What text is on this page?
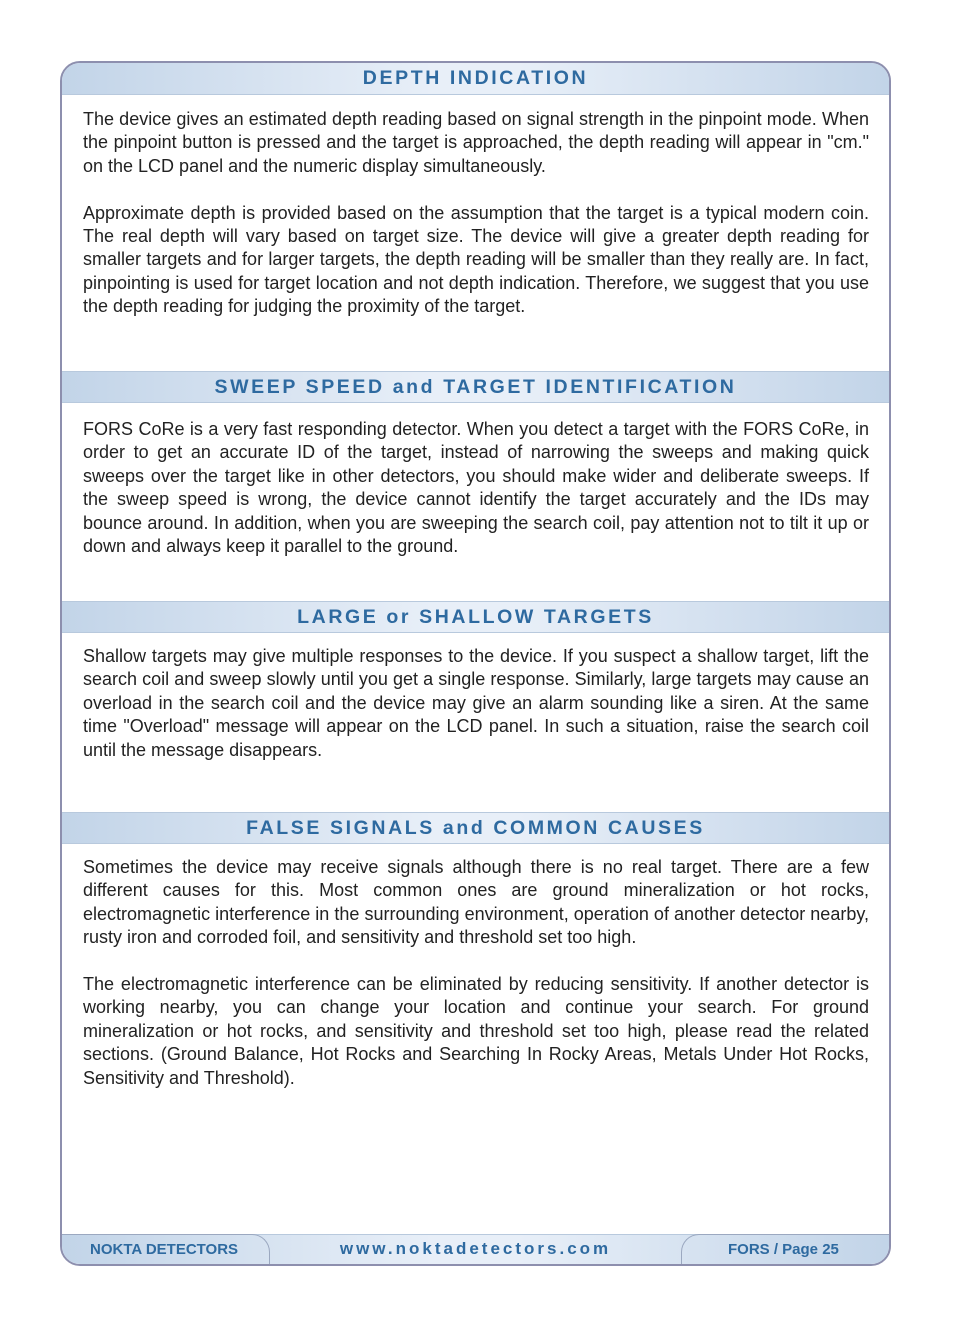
DEPTH INDICATION

The device gives an estimated depth reading based on signal strength in the pinpoint mode. When the pinpoint button is pressed and the target is approached, the depth reading will appear in "cm." on the LCD panel and the numeric display simultaneously.

Approximate depth is provided based on the assumption that the target is a typical modern coin. The real depth will vary based on target size. The device will give a greater depth reading for smaller targets and for larger targets, the depth reading will be smaller than they really are. In fact, pinpointing is used for target location and not depth indication. Therefore, we suggest that you use the depth reading for judging the proximity of the target.

SWEEP SPEED and TARGET IDENTIFICATION

FORS CoRe is a very fast responding detector. When you detect a target with the FORS CoRe, in order to get an accurate ID of the target, instead of narrowing the sweeps and making quick sweeps over the target like in other detectors, you should make wider and deliberate sweeps. If the sweep speed is wrong, the device cannot identify the target accurately and the IDs may bounce around. In addition, when you are sweeping the search coil, pay attention not to tilt it up or down and always keep it parallel to the ground.

LARGE or SHALLOW TARGETS

Shallow targets may give multiple responses to the device. If you suspect a shallow target, lift the search coil and sweep slowly until you get a single response. Similarly, large targets may cause an overload in the search coil and the device may give an alarm sounding like a siren. At the same time "Overload" message will appear on the LCD panel. In such a situation, raise the search coil until the message disappears.

FALSE SIGNALS and COMMON CAUSES

Sometimes the device may receive signals although there is no real target. There are a few different causes for this. Most common ones are ground mineralization or hot rocks, electromagnetic interference in the surrounding environment, operation of another detector nearby, rusty iron and corroded foil, and sensitivity and threshold set too high.

The electromagnetic interference can be eliminated by reducing sensitivity. If another detector is working nearby, you can change your location and continue your search. For ground mineralization or hot rocks, and sensitivity and threshold set too high, please read the related sections. (Ground Balance, Hot Rocks and Searching In Rocky Areas, Metals Under Hot Rocks, Sensitivity and Threshold).

NOKTA DETECTORS	www.noktadetectors.com	FORS / Page 25
